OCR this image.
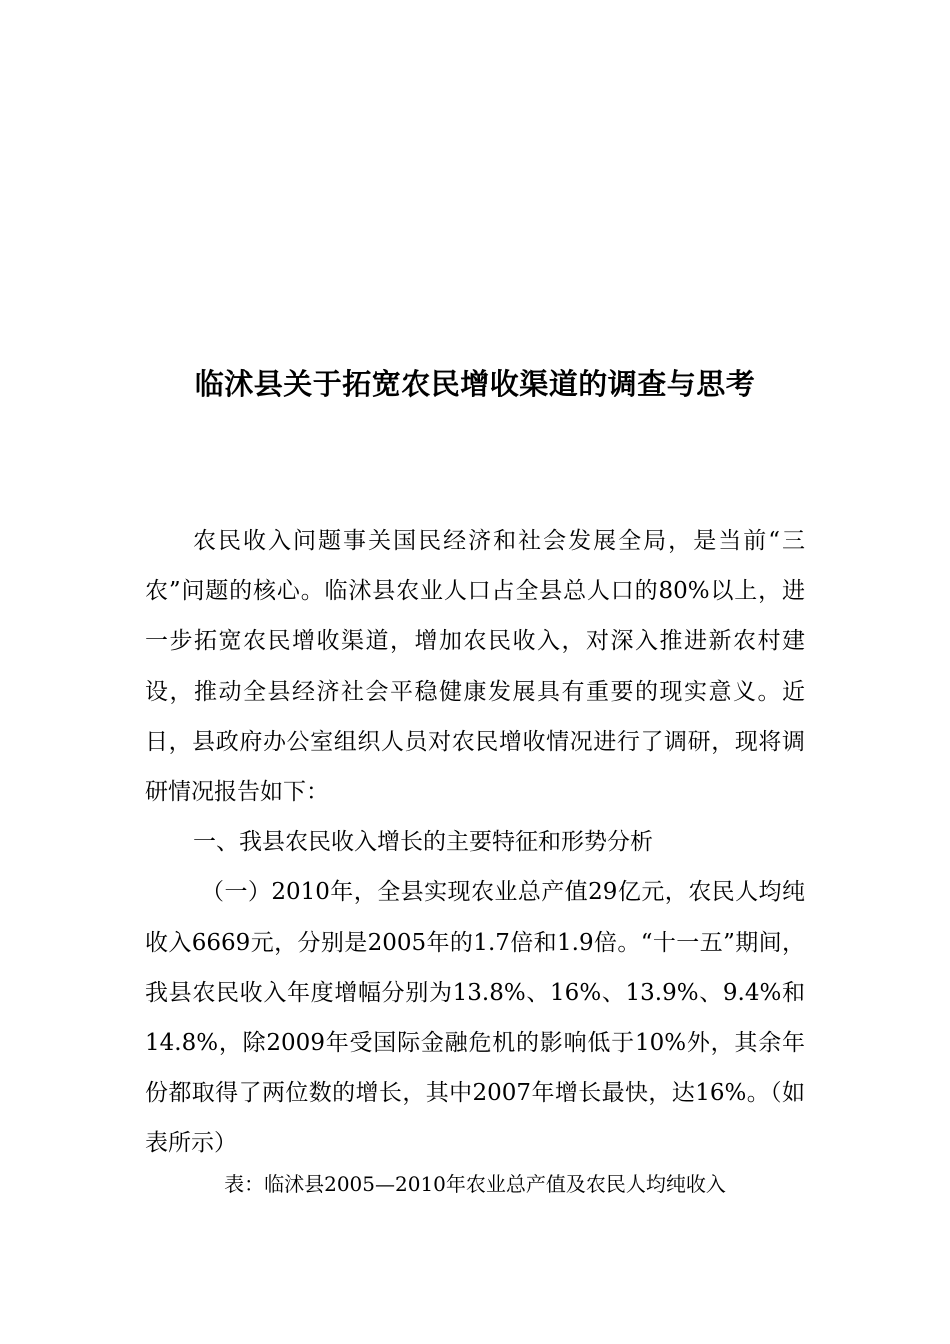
临沭县关于拓宽农民增收渠道的调查与思考

农民收入问题事关国民经济和社会发展全局，是当前“三农”问题的核心。临沭县农业人口占全县总人口的80%以上，进一步拓宽农民增收渠道，增加农民收入，对深入推进新农村建设，推动全县经济社会平稳健康发展具有重要的现实意义。近日，县政府办公室组织人员对农民增收情况进行了调研，现将调研情况报告如下：

一、我县农民收入增长的主要特征和形势分析

（一）2010年，全县实现农业总产值29亿元，农民人均纯收入6669元，分别是2005年的1.7倍和1.9倍。“十一五”期间，我县农民收入年度增幅分别为13.8%、16%、13.9%、9.4%和14.8%，除2009年受国际金融危机的影响低于10%外，其余年份都取得了两位数的增长，其中2007年增长最快，达16%。（如表所示）

表：临沭县2005—2010年农业总产值及农民人均纯收入
